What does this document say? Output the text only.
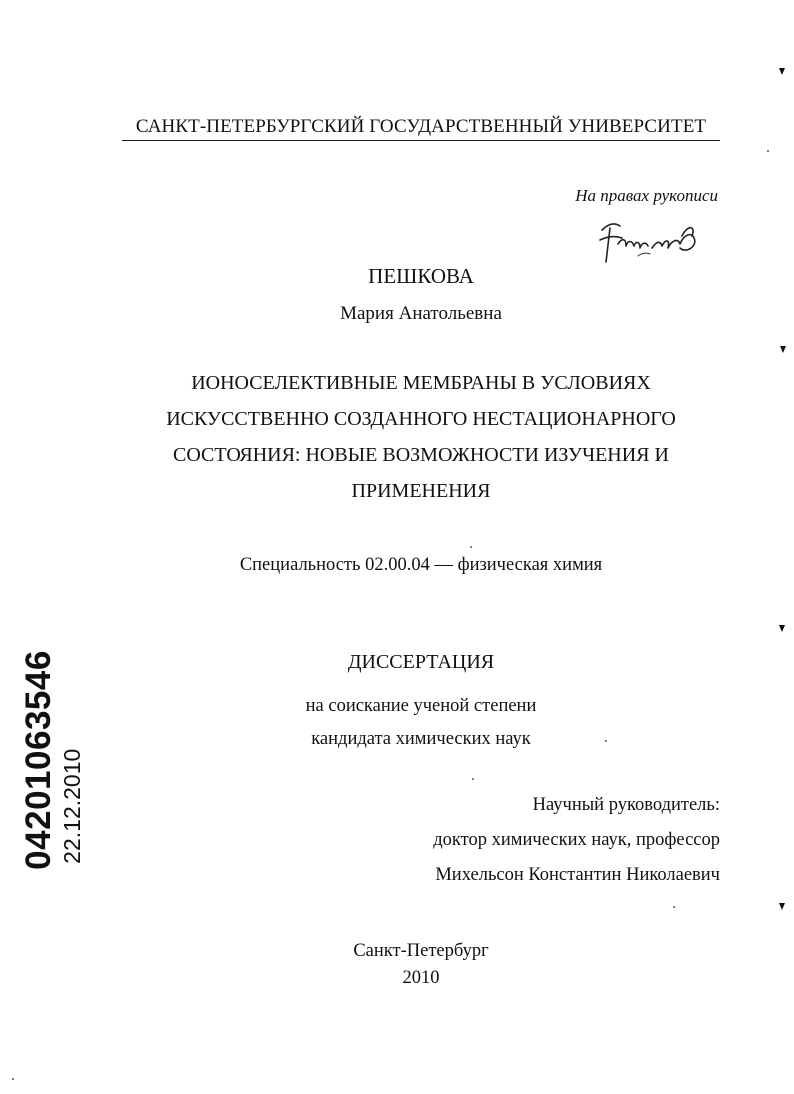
САНКТ-ПЕТЕРБУРГСКИЙ ГОСУДАРСТВЕННЫЙ УНИВЕРСИТЕТ
На правах рукописи
ПЕШКОВА
Мария Анатольевна
ИОНОСЕЛЕКТИВНЫЕ МЕМБРАНЫ В УСЛОВИЯХ
ИСКУССТВЕННО СОЗДАННОГО НЕСТАЦИОНАРНОГО
СОСТОЯНИЯ: НОВЫЕ ВОЗМОЖНОСТИ ИЗУЧЕНИЯ И
ПРИМЕНЕНИЯ
Специальность 02.00.04 — физическая химия
ДИССЕРТАЦИЯ
на соискание ученой степени
кандидата химических наук
Научный руководитель:
доктор химических наук, профессор
Михельсон Константин Николаевич
Санкт-Петербург
2010
04201063546 22.12.2010
